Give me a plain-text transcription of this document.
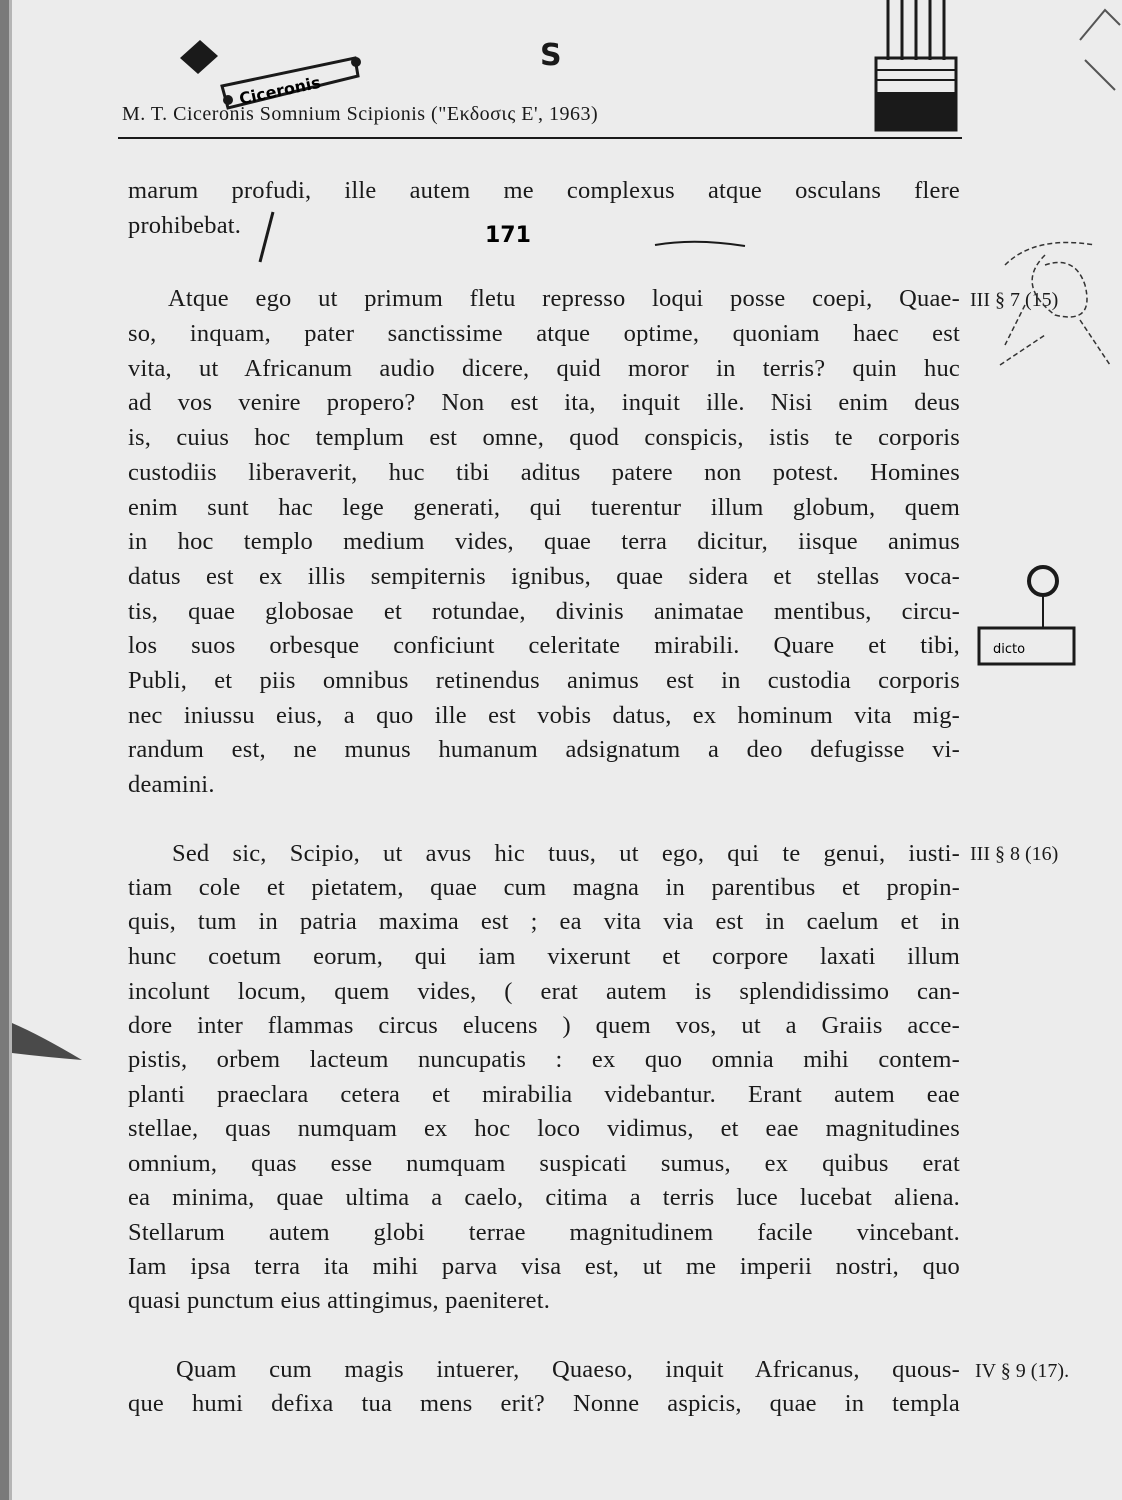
Ciceronis
S
M. T. Ciceronis Somnium Scipionis ("Εκδοσις Ε', 1963)
marum profudi, ille autem me complexus atque osculans flere
prohibebat.	171
Atque ego ut primum fletu represso loqui posse coepi, Quae-
so, inquam, pater sanctissime atque optime, quoniam haec est
vita, ut Africanum audio dicere, quid moror in terris? quin huc
ad vos venire propero? Non est ita, inquit ille. Nisi enim deus
is, cuius hoc templum est omne, quod conspicis, istis te corporis
custodiis liberaverit, huc tibi aditus patere non potest. Homines
enim sunt hac lege generati, qui tuerentur illum globum, quem
in hoc templo medium vides, quae terra dicitur, iisque animus
datus est ex illis sempiternis ignibus, quae sidera et stellas voca-
tis, quae globosae et rotundae, divinis animatae mentibus, circu-
los suos orbesque conficiunt celeritate mirabili. Quare et tibi,
Publi, et piis omnibus retinendus animus est in custodia corporis
nec iniussu eius, a quo ille est vobis datus, ex hominum vita mig-
randum est, ne munus humanum adsignatum a deo defugisse vi-
deamini.
III § 7 (15)
dicto
Sed sic, Scipio, ut avus hic tuus, ut ego, qui te genui, iusti-
tiam cole et pietatem, quae cum magna in parentibus et propin-
quis, tum in patria maxima est ; ea vita via est in caelum et in
hunc coetum eorum, qui iam vixerunt et corpore laxati illum
incolunt locum, quem vides, ( erat autem is splendidissimo can-
dore inter flammas circus elucens ) quem vos, ut a Graiis acce-
pistis, orbem lacteum nuncupatis : ex quo omnia mihi contem-
planti praeclara cetera et mirabilia videbantur. Erant autem eae
stellae, quas numquam ex hoc loco vidimus, et eae magnitudines
omnium, quas esse numquam suspicati sumus, ex quibus erat
ea minima, quae ultima a caelo, citima a terris luce lucebat aliena.
Stellarum autem globi terrae magnitudinem facile vincebant.
Iam ipsa terra ita mihi parva visa est, ut me imperii nostri, quo
quasi punctum eius attingimus, paeniteret.
III § 8 (16)
Quam cum magis intuerer, Quaeso, inquit Africanus, quous-
que humi defixa tua mens erit? Nonne aspicis, quae in templa
IV § 9 (17).
